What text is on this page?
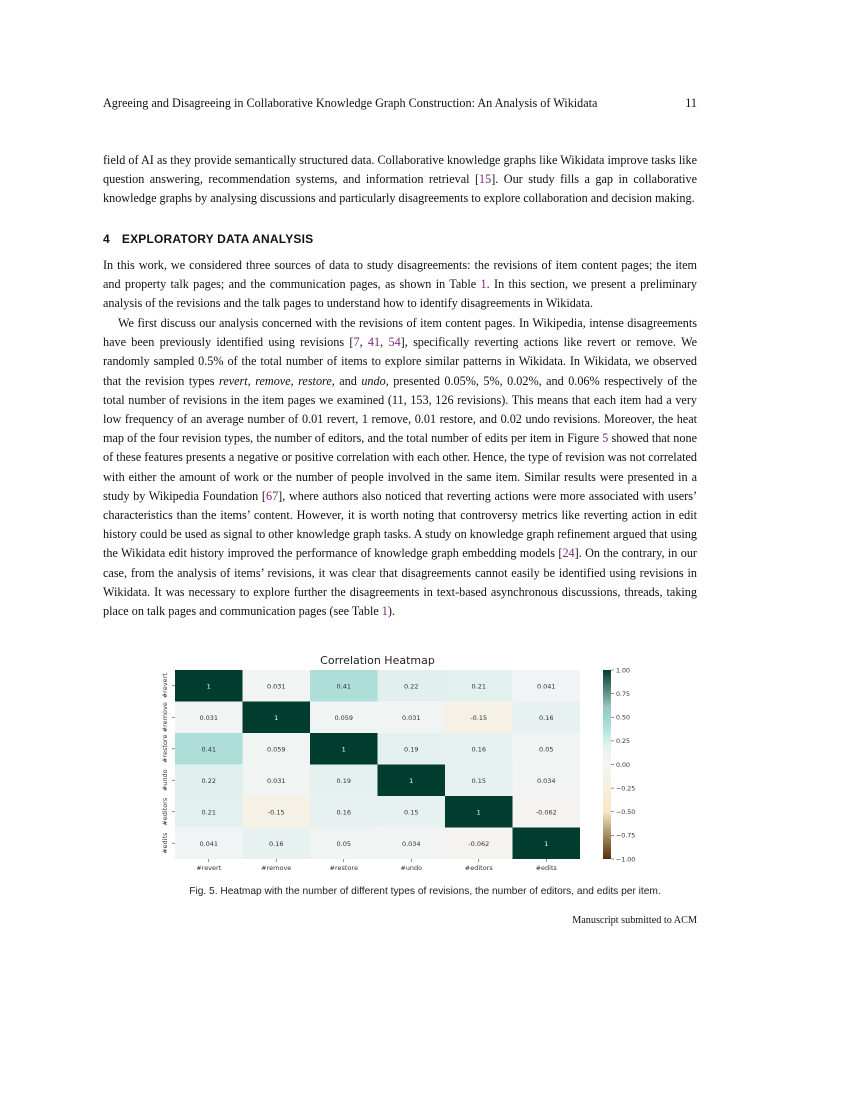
Agreeing and Disagreeing in Collaborative Knowledge Graph Construction: An Analysis of Wikidata	11
field of AI as they provide semantically structured data. Collaborative knowledge graphs like Wikidata improve tasks like question answering, recommendation systems, and information retrieval [15]. Our study fills a gap in collaborative knowledge graphs by analysing discussions and particularly disagreements to explore collaboration and decision making.
4 EXPLORATORY DATA ANALYSIS
In this work, we considered three sources of data to study disagreements: the revisions of item content pages; the item and property talk pages; and the communication pages, as shown in Table 1. In this section, we present a preliminary analysis of the revisions and the talk pages to understand how to identify disagreements in Wikidata.
We first discuss our analysis concerned with the revisions of item content pages. In Wikipedia, intense disagreements have been previously identified using revisions [7, 41, 54], specifically reverting actions like revert or remove. We randomly sampled 0.5% of the total number of items to explore similar patterns in Wikidata. In Wikidata, we observed that the revision types revert, remove, restore, and undo, presented 0.05%, 5%, 0.02%, and 0.06% respectively of the total number of revisions in the item pages we examined (11, 153, 126 revisions). This means that each item had a very low frequency of an average number of 0.01 revert, 1 remove, 0.01 restore, and 0.02 undo revisions. Moreover, the heat map of the four revision types, the number of editors, and the total number of edits per item in Figure 5 showed that none of these features presents a negative or positive correlation with each other. Hence, the type of revision was not correlated with either the amount of work or the number of people involved in the same item. Similar results were presented in a study by Wikipedia Foundation [67], where authors also noticed that reverting actions were more associated with users’ characteristics than the items’ content. However, it is worth noting that controversy metrics like reverting action in edit history could be used as signal to other knowledge graph tasks. A study on knowledge graph refinement argued that using the Wikidata edit history improved the performance of knowledge graph embedding models [24]. On the contrary, in our case, from the analysis of items’ revisions, it was clear that disagreements cannot easily be identified using revisions in Wikidata. It was necessary to explore further the disagreements in text-based asynchronous discussions, threads, taking place on talk pages and communication pages (see Table 1).
Correlation Heatmap
1	0.031	0.41	0.22	0.21	0.041
0.031	1	0.059	0.031	-0.15	0.16
0.41	0.059	1	0.19	0.16	0.05
0.22	0.031	0.19	1	0.15	0.034
0.21	-0.15	0.16	0.15	1	-0.062
0.041	0.16	0.05	0.034	-0.062	1
#revert	#remove	#restore	#undo	#editors	#edits
#revert
#remove
#restore
#undo
#editors
#edits
1.00
0.75
0.50
0.25
0.00
−0.25
−0.50
−0.75
−1.00
Fig. 5. Heatmap with the number of different types of revisions, the number of editors, and edits per item.
Manuscript submitted to ACM
